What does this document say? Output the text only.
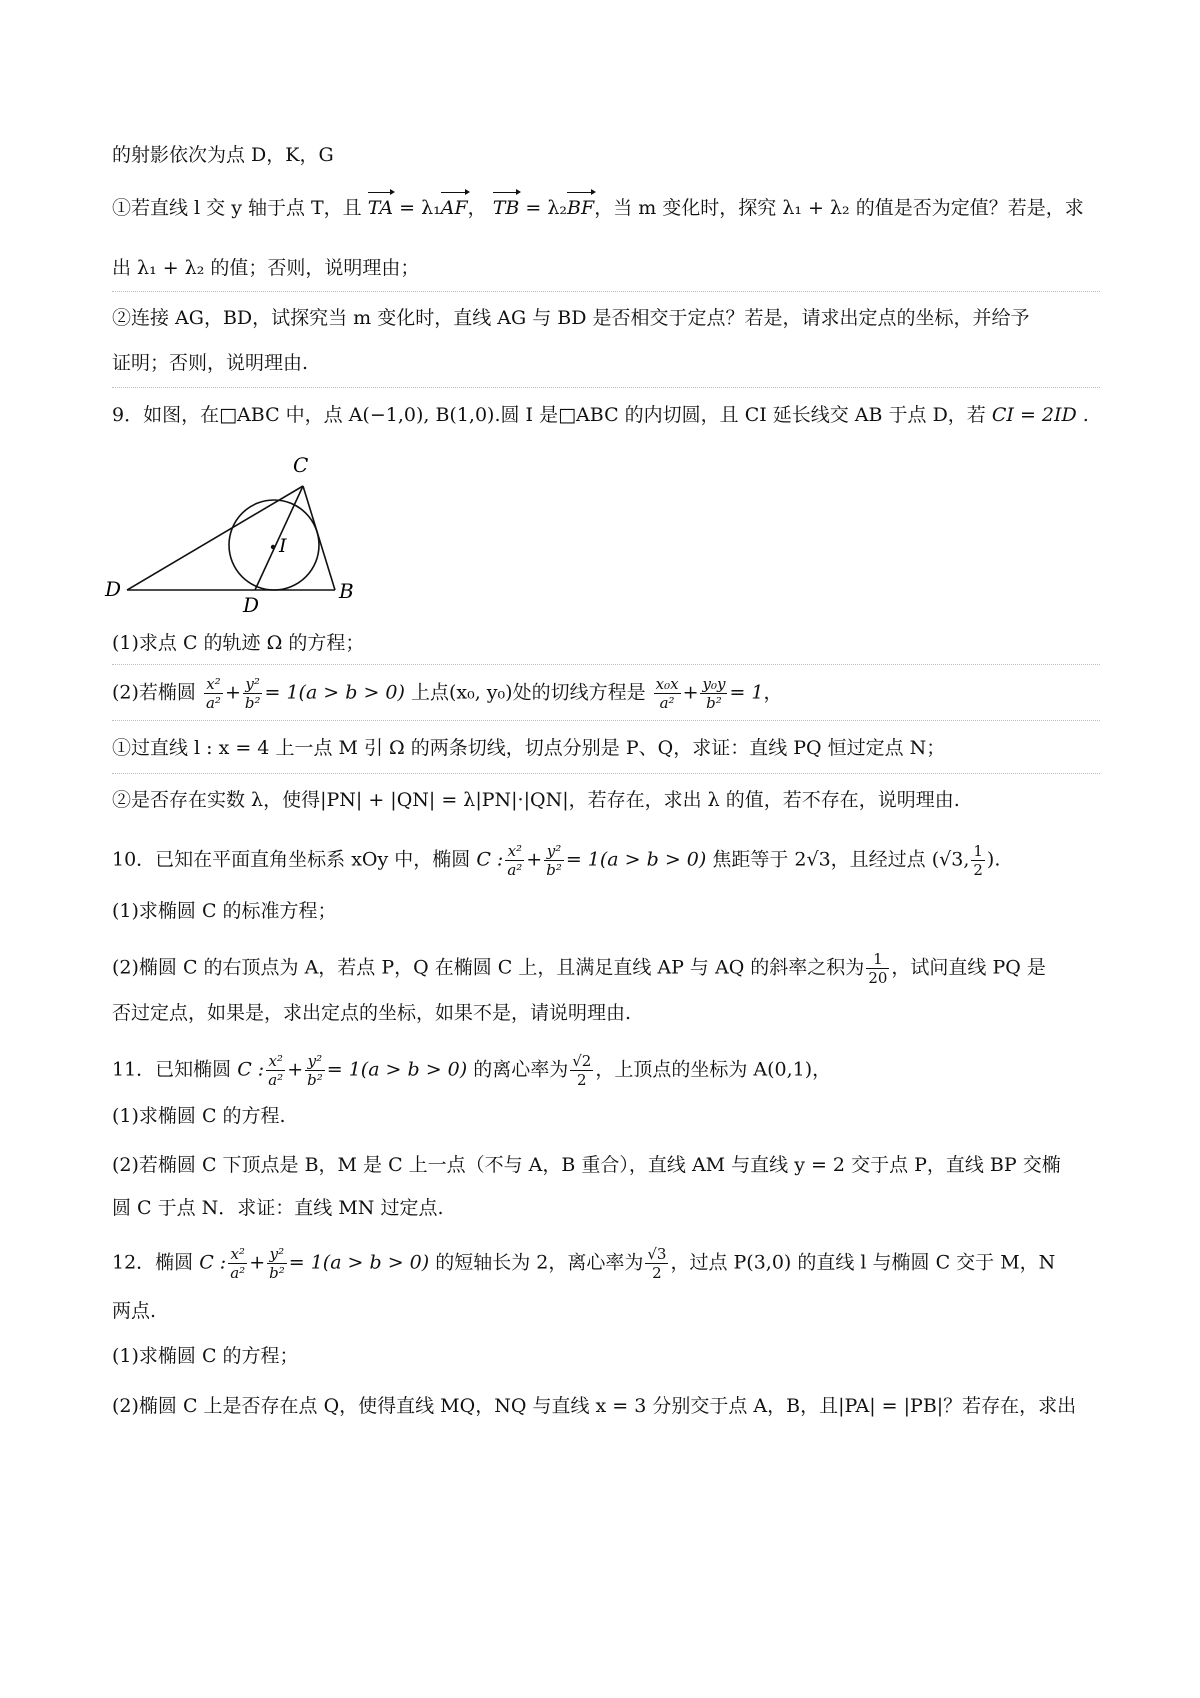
的射影依次为点 D，K，G
①若直线 l 交 y 轴于点 T，且 TA = λ₁AF， TB = λ₂BF，当 m 变化时，探究 λ₁ + λ₂ 的值是否为定值？若是，求
出 λ₁ + λ₂ 的值；否则，说明理由；
②连接 AG，BD，试探究当 m 变化时，直线 AG 与 BD 是否相交于定点？若是，请求出定点的坐标，并给予
证明；否则，说明理由.
9．如图，在□ABC 中，点 A(−1,0), B(1,0).圆 I 是□ABC 的内切圆，且 CI 延长线交 AB 于点 D，若 CI = 2ID .
C
I
D
D
B
(1)求点 C 的轨迹 Ω 的方程；
(2)若椭圆 $\frac{\text{x²}}{\text{a²}} + \frac{\text{y²}}{\text{b²}} = 1(a > b > 0)$ 上点(x₀, y₀)处的切线方程是 $\frac{\text{x₀x}}{\text{a²}} + \frac{\text{y₀y}}{\text{b²}} = 1$，
①过直线 l : x = 4 上一点 M 引 Ω 的两条切线，切点分别是 P、Q，求证：直线 PQ 恒过定点 N；
②是否存在实数 λ，使得|PN| + |QN| = λ|PN|·|QN|，若存在，求出 λ 的值，若不存在，说明理由.
10．已知在平面直角坐标系 xOy 中，椭圆 C : $\frac{\text{x²}}{\text{a²}} + \frac{\text{y²}}{\text{b²}} = 1(a > b > 0)$ 焦距等于 2√3，且经过点 (√3, $\frac{1}{2}$ ).
(1)求椭圆 C 的标准方程；
(2)椭圆 C 的右顶点为 A，若点 P，Q 在椭圆 C 上，且满足直线 AP 与 AQ 的斜率之积为 $\frac{1}{20}$ ，试问直线 PQ 是
否过定点，如果是，求出定点的坐标，如果不是，请说明理由.
11．已知椭圆 C : $\frac{\text{x²}}{\text{a²}} + \frac{\text{y²}}{\text{b²}} = 1(a > b > 0)$ 的离心率为 $\frac{√2}{2}$ ，上顶点的坐标为 A(0,1)，
(1)求椭圆 C 的方程.
(2)若椭圆 C 下顶点是 B，M 是 C 上一点（不与 A，B 重合），直线 AM 与直线 y = 2 交于点 P，直线 BP 交椭
圆 C 于点 N．求证：直线 MN 过定点.
12．椭圆 C : $\frac{\text{x²}}{\text{a²}} + \frac{\text{y²}}{\text{b²}} = 1(a > b > 0)$ 的短轴长为 2，离心率为 $\frac{√3}{2}$ ，过点 P(3,0) 的直线 l 与椭圆 C 交于 M，N
两点.
(1)求椭圆 C 的方程；
(2)椭圆 C 上是否存在点 Q，使得直线 MQ，NQ 与直线 x = 3 分别交于点 A，B，且|PA| = |PB|？若存在，求出
